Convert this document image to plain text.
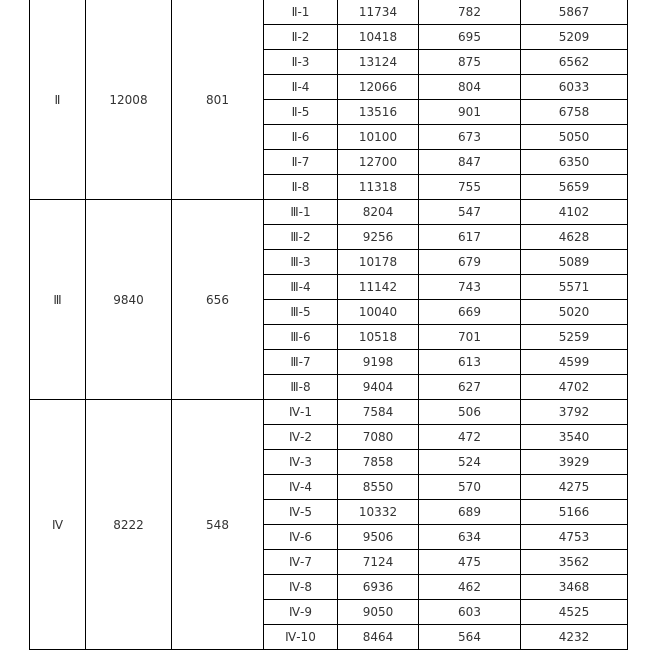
Ⅱ	12008	801	Ⅱ-1	11734	782	5867
			Ⅱ-2	10418	695	5209
			Ⅱ-3	13124	875	6562
			Ⅱ-4	12066	804	6033
			Ⅱ-5	13516	901	6758
			Ⅱ-6	10100	673	5050
			Ⅱ-7	12700	847	6350
			Ⅱ-8	11318	755	5659
Ⅲ	9840	656	Ⅲ-1	8204	547	4102
			Ⅲ-2	9256	617	4628
			Ⅲ-3	10178	679	5089
			Ⅲ-4	11142	743	5571
			Ⅲ-5	10040	669	5020
			Ⅲ-6	10518	701	5259
			Ⅲ-7	9198	613	4599
			Ⅲ-8	9404	627	4702
Ⅳ	8222	548	Ⅳ-1	7584	506	3792
			Ⅳ-2	7080	472	3540
			Ⅳ-3	7858	524	3929
			Ⅳ-4	8550	570	4275
			Ⅳ-5	10332	689	5166
			Ⅳ-6	9506	634	4753
			Ⅳ-7	7124	475	3562
			Ⅳ-8	6936	462	3468
			Ⅳ-9	9050	603	4525
			Ⅳ-10	8464	564	4232
